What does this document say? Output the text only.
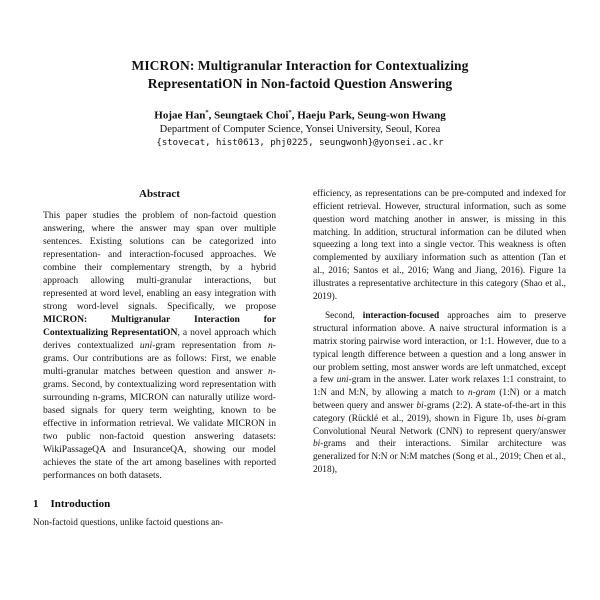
MICRON: Multigranular Interaction for Contextualizing
RepresentatiON in Non-factoid Question Answering
Hojae Han*, Seungtaek Choi*, Haeju Park, Seung-won Hwang
Department of Computer Science, Yonsei University, Seoul, Korea
{stovecat, hist0613, phj0225, seungwonh}@yonsei.ac.kr
Abstract

This paper studies the problem of non-factoid question answering, where the answer may span over multiple sentences. Existing solutions can be categorized into representation- and interaction-focused approaches. We combine their complementary strength, by a hybrid approach allowing multi-granular interactions, but represented at word level, enabling an easy integration with strong word-level signals. Specifically, we propose MICRON: Multigranular Interaction for Contextualizing RepresentatiON, a novel approach which derives contextualized uni-gram representation from n-grams. Our contributions are as follows: First, we enable multi-granular matches between question and answer n-grams. Second, by contextualizing word representation with surrounding n-grams, MICRON can naturally utilize word-based signals for query term weighting, known to be effective in information retrieval. We validate MICRON in two public non-factoid question answering datasets: WikiPassageQA and InsuranceQA, showing our model achieves the state of the art among baselines with reported performances on both datasets.

1 Introduction

Non-factoid questions, unlike factoid questions an-

efficiency, as representations can be pre-computed and indexed for efficient retrieval. However, structural information, such as some question word matching another in answer, is missing in this matching. In addition, structural information can be diluted when squeezing a long text into a single vector. This weakness is often complemented by auxiliary information such as attention (Tan et al., 2016; Santos et al., 2016; Wang and Jiang, 2016). Figure 1a illustrates a representative architecture in this category (Shao et al., 2019).

Second, interaction-focused approaches aim to preserve structural information above. A naive structural information is a matrix storing pairwise word interaction, or 1:1. However, due to a typical length difference between a question and a long answer in our problem setting, most answer words are left unmatched, except a few uni-gram in the answer. Later work relaxes 1:1 constraint, to 1:N and M:N, by allowing a match to n-gram (1:N) or a match between query and answer bi-grams (2:2). A state-of-the-art in this category (Rücklé et al., 2019), shown in Figure 1b, uses bi-gram Convolutional Neural Network (CNN) to represent query/answer bi-grams and their interactions. Similar architecture was generalized for N:N or N:M matches (Song et al., 2019; Chen et al., 2018),
